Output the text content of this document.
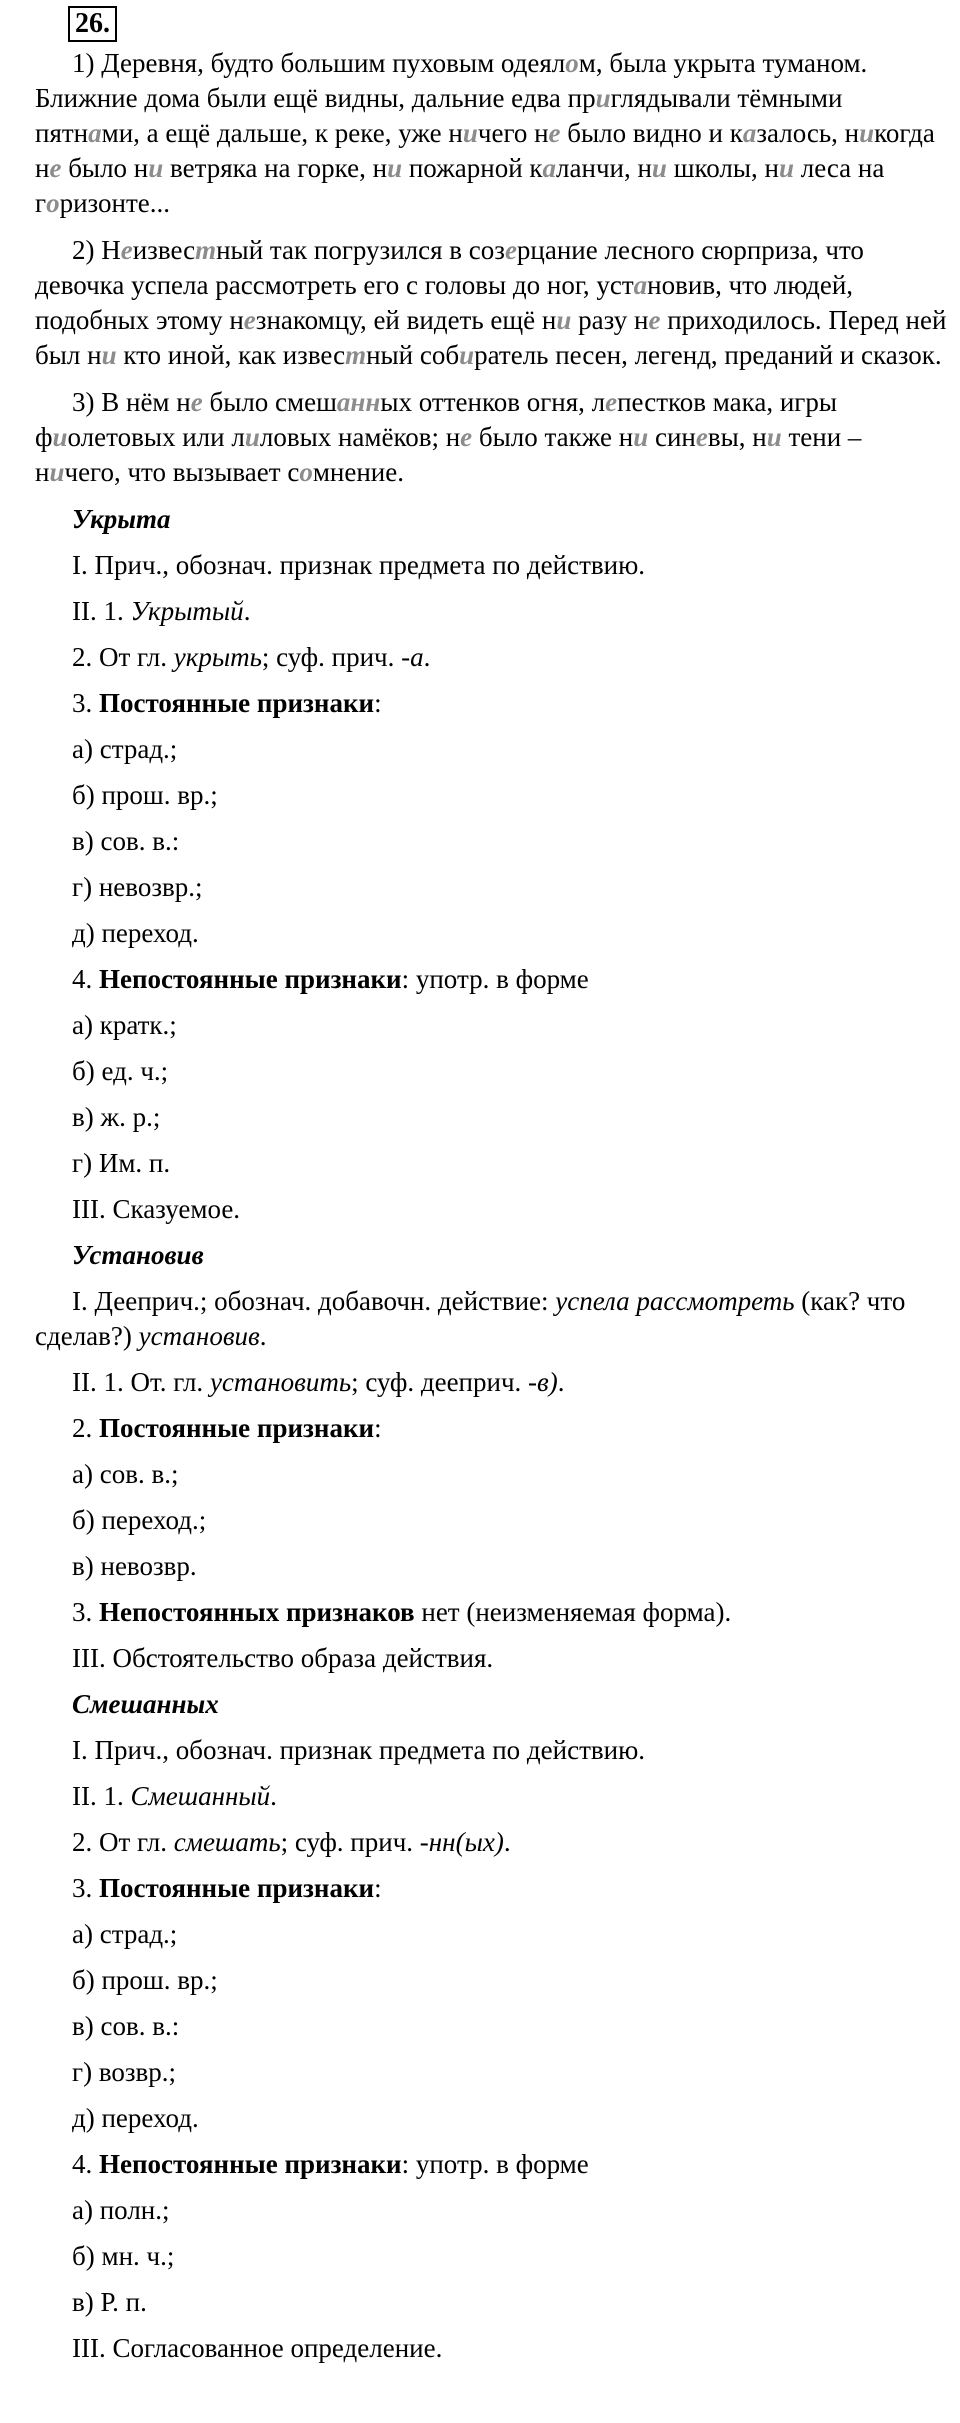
26.

1) Деревня, будто большим пуховым одеялом, была укрыта туманом. Ближние дома были ещё видны, дальние едва приглядывали тёмными пятнами, а ещё дальше, к реке, уже ничего не было видно и казалось, никогда не было ни ветряка на горке, ни пожарной каланчи, ни школы, ни леса на горизонте...

2) Неизвестный так погрузился в созерцание лесного сюрприза, что девочка успела рассмотреть его с головы до ног, установив, что людей, подобных этому незнакомцу, ей видеть ещё ни разу не приходилось. Перед ней был ни кто иной, как известный собиратель песен, легенд, преданий и сказок.

3) В нём не было смешанных оттенков огня, лепестков мака, игры фиолетовых или лиловых намёков; не было также ни синевы, ни тени – ничего, что вызывает сомнение.

Укрыта

I. Прич., обознач. признак предмета по действию.

II. 1. Укрытый.

2. От гл. укрыть; суф. прич. -а.

3. Постоянные признаки:

а) страд.;

б) прош. вр.;

в) сов. в.:

г) невозвр.;

д) переход.

4. Непостоянные признаки: употр. в форме

а) кратк.;

б) ед. ч.;

в) ж. р.;

г) Им. п.

III. Сказуемое.

Установив

I. Дееприч.; обознач. добавочн. действие: успела рассмотреть (как? что сделав?) установив.

II. 1. От. гл. установить; суф. дееприч. -в).

2. Постоянные признаки:

а) сов. в.;

б) переход.;

в) невозвр.

3. Непостоянных признаков нет (неизменяемая форма).

III. Обстоятельство образа действия.

Смешанных

I. Прич., обознач. признак предмета по действию.

II. 1. Смешанный.

2. От гл. смешать; суф. прич. -нн(ых).

3. Постоянные признаки:

а) страд.;

б) прош. вр.;

в) сов. в.:

г) возвр.;

д) переход.

4. Непостоянные признаки: употр. в форме

а) полн.;

б) мн. ч.;

в) Р. п.

III. Согласованное определение.
